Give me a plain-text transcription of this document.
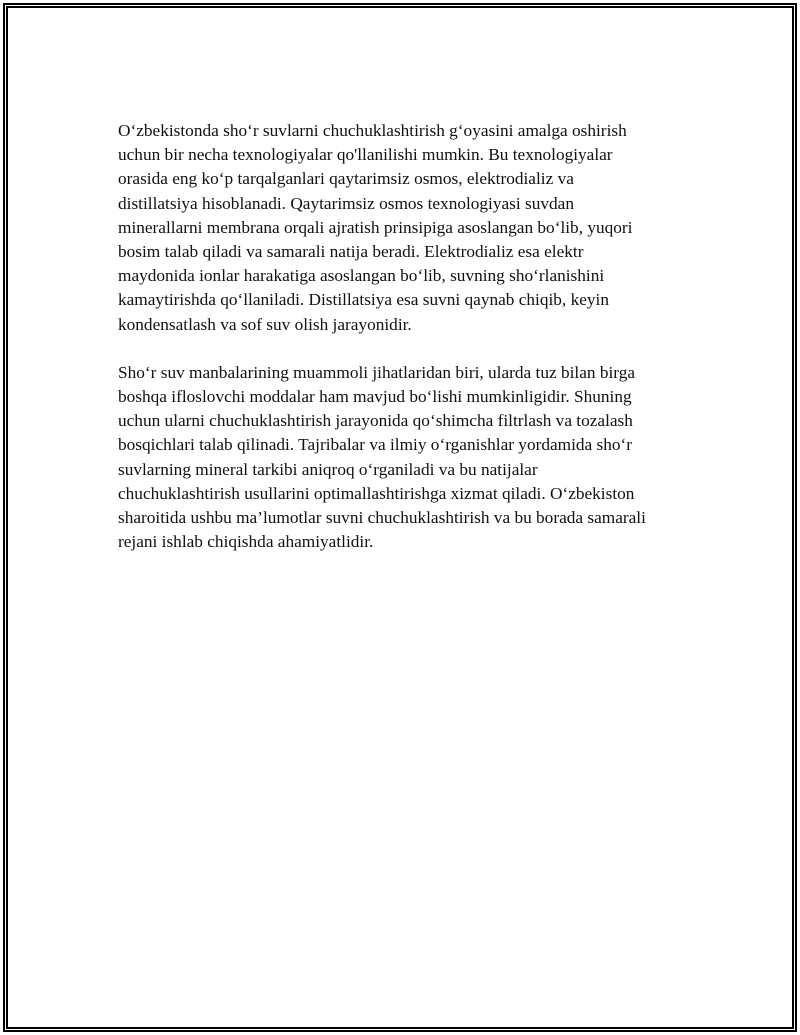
O‘zbekistonda sho‘r suvlarni chuchuklashtirish g‘oyasini amalga oshirish
uchun bir necha texnologiyalar qo'llanilishi mumkin. Bu texnologiyalar
orasida eng ko‘p tarqalganlari qaytarimsiz osmos, elektrodializ va
distillatsiya hisoblanadi. Qaytarimsiz osmos texnologiyasi suvdan
minerallarni membrana orqali ajratish prinsipiga asoslangan bo‘lib, yuqori
bosim talab qiladi va samarali natija beradi. Elektrodializ esa elektr
maydonida ionlar harakatiga asoslangan bo‘lib, suvning sho‘rlanishini
kamaytirishda qo‘llaniladi. Distillatsiya esa suvni qaynab chiqib, keyin
kondensatlash va sof suv olish jarayonidir.

Sho‘r suv manbalarining muammoli jihatlaridan biri, ularda tuz bilan birga
boshqa ifloslovchi moddalar ham mavjud bo‘lishi mumkinligidir. Shuning
uchun ularni chuchuklashtirish jarayonida qo‘shimcha filtrlash va tozalash
bosqichlari talab qilinadi. Tajribalar va ilmiy o‘rganishlar yordamida sho‘r
suvlarning mineral tarkibi aniqroq o‘rganiladi va bu natijalar
chuchuklashtirish usullarini optimallashtirishga xizmat qiladi. O‘zbekiston
sharoitida ushbu ma’lumotlar suvni chuchuklashtirish va bu borada samarali
rejani ishlab chiqishda ahamiyatlidir.
